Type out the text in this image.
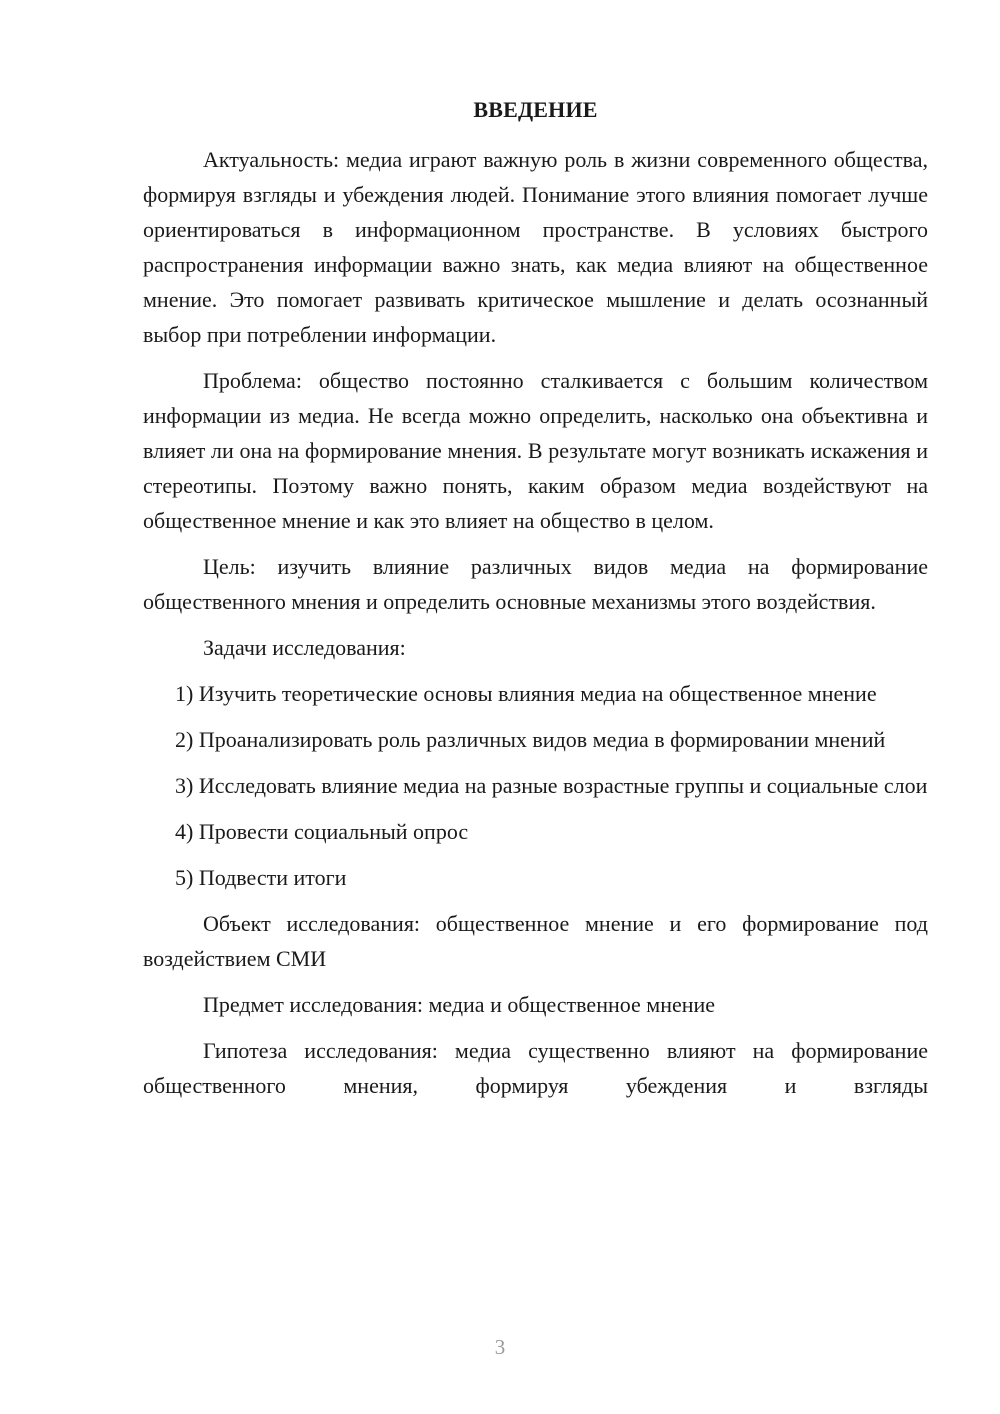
ВВЕДЕНИЕ

Актуальность: медиа играют важную роль в жизни современного общества, формируя взгляды и убеждения людей. Понимание этого влияния помогает лучше ориентироваться в информационном пространстве. В условиях быстрого распространения информации важно знать, как медиа влияют на общественное мнение. Это помогает развивать критическое мышление и делать осознанный выбор при потреблении информации.

Проблема: общество постоянно сталкивается с большим количеством информации из медиа. Не всегда можно определить, насколько она объективна и влияет ли она на формирование мнения. В результате могут возникать искажения и стереотипы. Поэтому важно понять, каким образом медиа воздействуют на общественное мнение и как это влияет на общество в целом.

Цель: изучить влияние различных видов медиа на формирование общественного мнения и определить основные механизмы этого воздействия.

Задачи исследования:

1) Изучить теоретические основы влияния медиа на общественное мнение

2) Проанализировать роль различных видов медиа в формировании мнений

3) Исследовать влияние медиа на разные возрастные группы и социальные слои

4) Провести социальный опрос

5) Подвести итоги

Объект исследования: общественное мнение и его формирование под воздействием СМИ

Предмет исследования: медиа и общественное мнение

Гипотеза исследования: медиа существенно влияют на формирование общественного мнения, формируя убеждения и взгляды

3
